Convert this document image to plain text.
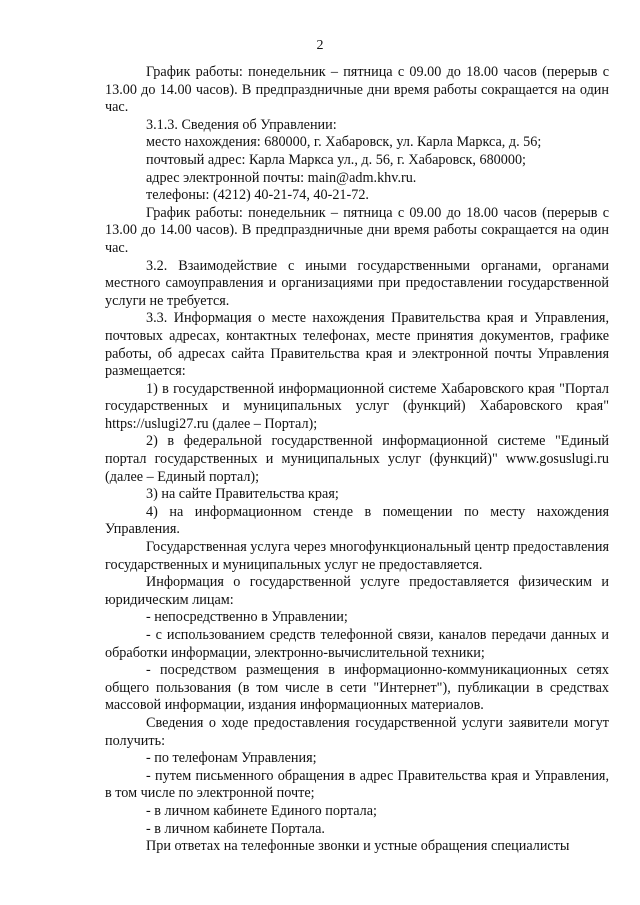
2

График работы: понедельник – пятница с 09.00 до 18.00 часов (перерыв с 13.00 до 14.00 часов). В предпраздничные дни время работы сокращается на один час.

3.1.3. Сведения об Управлении:

место нахождения: 680000, г. Хабаровск, ул. Карла Маркса, д. 56;

почтовый адрес: Карла Маркса ул., д. 56, г. Хабаровск, 680000;

адрес электронной почты: main@adm.khv.ru.

телефоны: (4212) 40-21-74, 40-21-72.

График работы: понедельник – пятница с 09.00 до 18.00 часов (перерыв с 13.00 до 14.00 часов). В предпраздничные дни время работы сокращается на один час.

3.2. Взаимодействие с иными государственными органами, органами местного самоуправления и организациями при предоставлении государственной услуги не требуется.

3.3. Информация о месте нахождения Правительства края и Управления, почтовых адресах, контактных телефонах, месте принятия документов, графике работы, об адресах сайта Правительства края и электронной почты Управления размещается:

1) в государственной информационной системе Хабаровского края "Портал государственных и муниципальных услуг (функций) Хабаровского края" https://uslugi27.ru (далее – Портал);

2) в федеральной государственной информационной системе "Единый портал государственных и муниципальных услуг (функций)" www.gosuslugi.ru (далее – Единый портал);

3) на сайте Правительства края;

4) на информационном стенде в помещении по месту нахождения Управления.

Государственная услуга через многофункциональный центр предоставления государственных и муниципальных услуг не предоставляется.

Информация о государственной услуге предоставляется физическим и юридическим лицам:

- непосредственно в Управлении;

- с использованием средств телефонной связи, каналов передачи данных и обработки информации, электронно-вычислительной техники;

- посредством размещения в информационно-коммуникационных сетях общего пользования (в том числе в сети "Интернет"), публикации в средствах массовой информации, издания информационных материалов.

Сведения о ходе предоставления государственной услуги заявители могут получить:

- по телефонам Управления;

- путем письменного обращения в адрес Правительства края и Управления, в том числе по электронной почте;

- в личном кабинете Единого портала;

- в личном кабинете Портала.

При ответах на телефонные звонки и устные обращения специалисты
